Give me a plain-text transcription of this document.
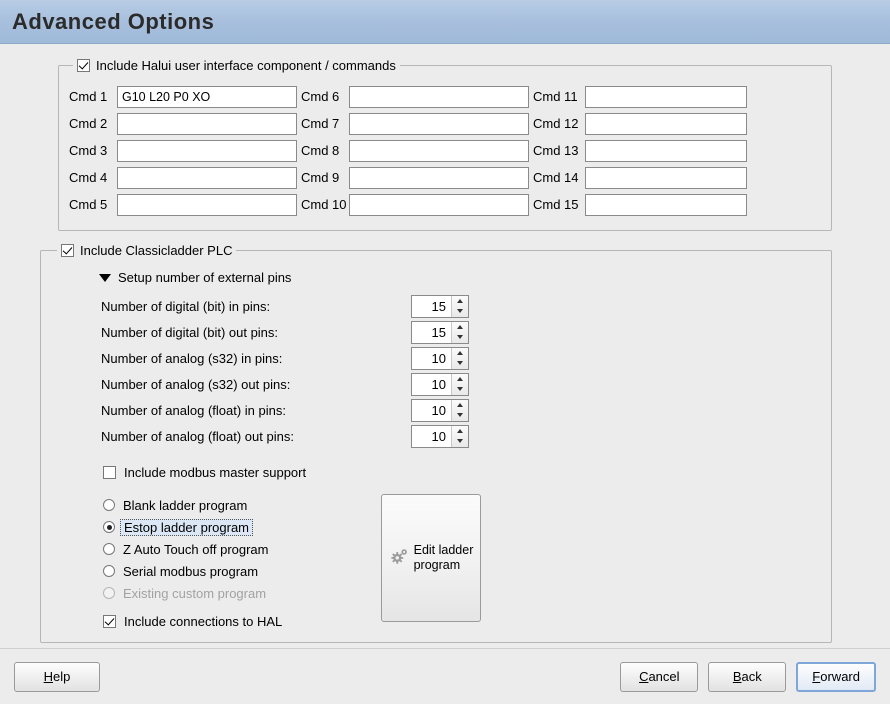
Advanced Options
Include Halui user interface component / commands
Cmd 1	G10 L20 P0 XO	Cmd 6	Cmd 11
Cmd 2	Cmd 7	Cmd 12
Cmd 3	Cmd 8	Cmd 13
Cmd 4	Cmd 9	Cmd 14
Cmd 5	Cmd 10	Cmd 15
Include Classicladder PLC
Setup number of external pins
Number of digital (bit) in pins:	15
Number of digital (bit) out pins:	15
Number of analog (s32) in pins:	10
Number of analog (s32) out pins:	10
Number of analog (float) in pins:	10
Number of analog (float) out pins:	10
Include modbus master support
Blank ladder program
Estop ladder program
Z Auto Touch off program
Serial modbus program
Existing custom program
Include connections to HAL
Edit ladder
program
Help	Cancel	Back	Forward
